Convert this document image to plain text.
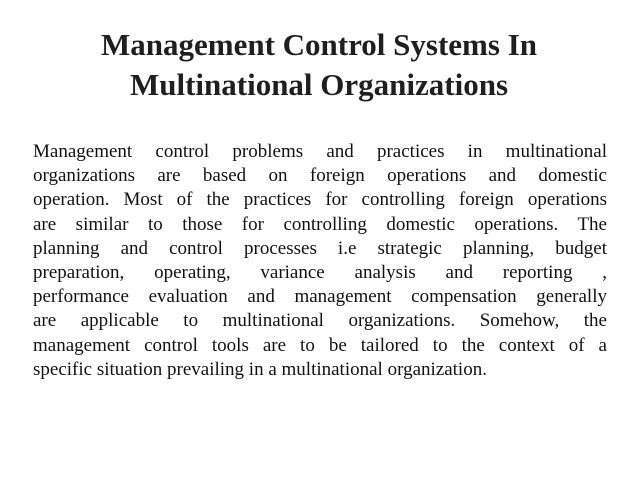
Management Control Systems In
Multinational Organizations
Management control problems and practices in multinational
organizations are based on foreign operations and domestic
operation. Most of the practices for controlling foreign operations
are similar to those for controlling domestic operations. The
planning and control processes i.e strategic planning, budget
preparation, operating, variance analysis and reporting ,
performance evaluation and management compensation generally
are applicable to multinational organizations. Somehow, the
management control tools are to be tailored to the context of a
specific situation prevailing in a multinational organization.
